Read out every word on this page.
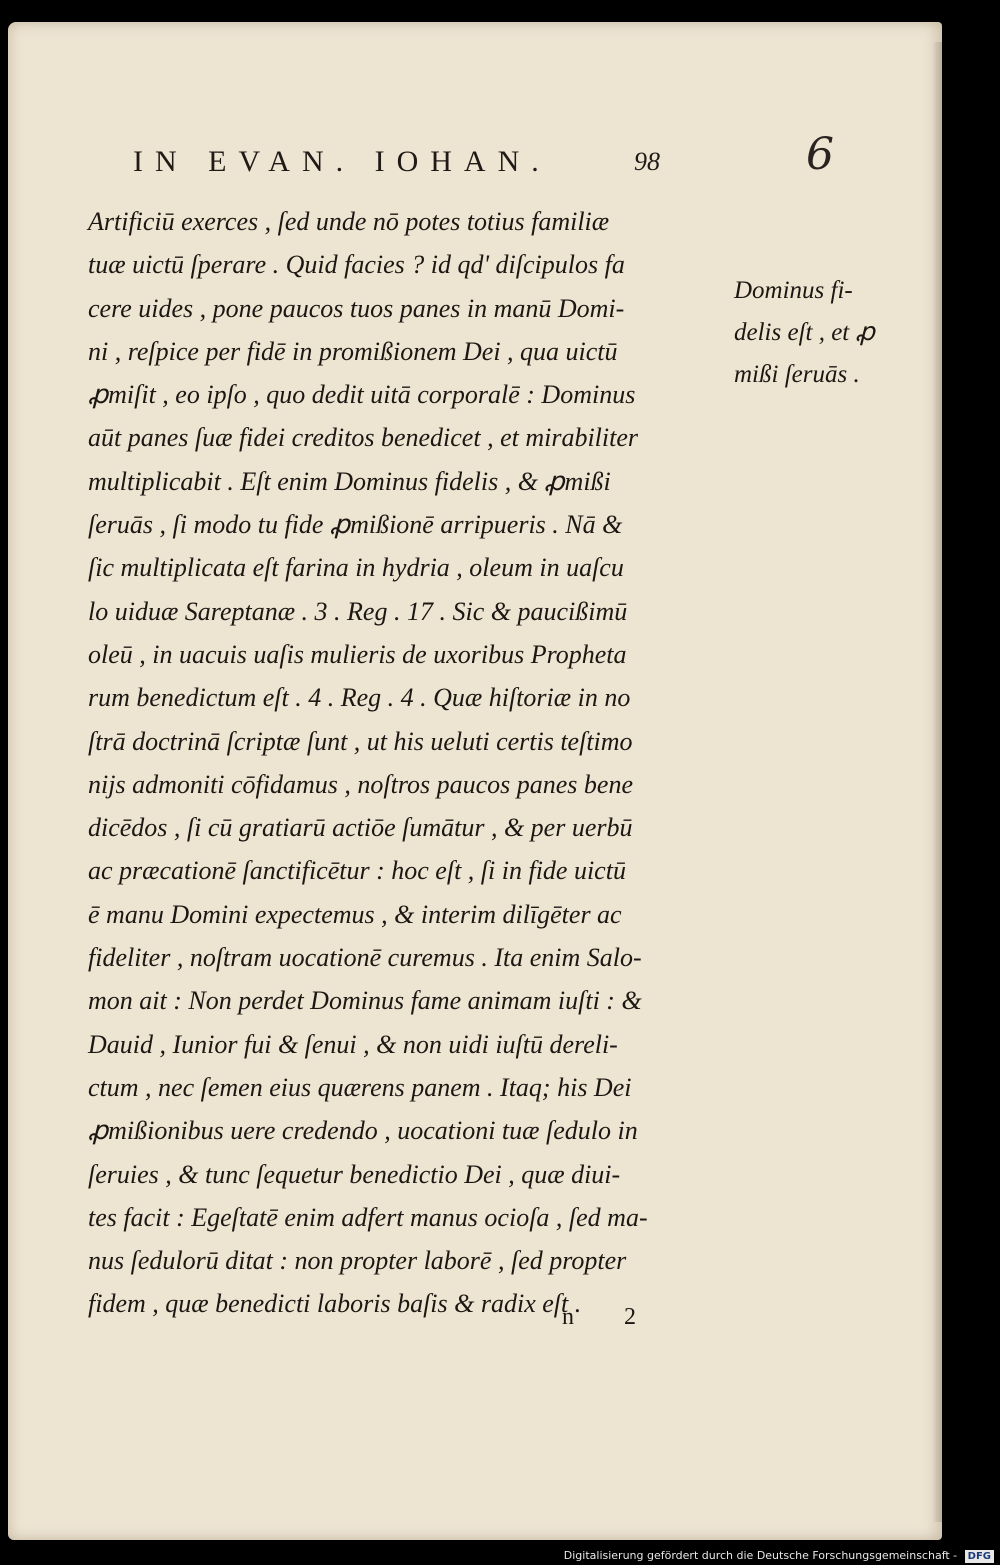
IN EVAN. IOHAN.	98	6
Artificiū exerces , ſed unde nō potes totius familiæ
tuæ uictū ſperare . Quid facies ? id qd' diſcipulos fa
cere uides , pone paucos tuos panes in manū Domi-
ni , reſpice per fidē in promißionem Dei , qua uictū
ꝓmiſit , eo ipſo , quo dedit uitā corporalē : Dominus
aūt panes ſuæ fidei creditos benedicet , et mirabiliter
multiplicabit . Eſt enim Dominus fidelis , & ꝓmißi
ſeruās , ſi modo tu fide ꝓmißionē arripueris . Nā &
ſic multiplicata eſt farina in hydria , oleum in uaſcu
lo uiduæ Sareptanæ . 3 . Reg . 17 . Sic & paucißimū
oleū , in uacuis uaſis mulieris de uxoribus Prophetа
rum benedictum eſt . 4 . Reg . 4 . Quæ hiſtoriæ in no
ſtrā doctrinā ſcriptæ ſunt , ut his ueluti certis teſtimo
nijs admoniti cōfidamus , noſtros paucos panes bene
dicēdos , ſi cū gratiarū actiōe ſumātur , & per uerbū
ac præcationē ſanctificētur : hoc eſt , ſi in fide uictū
ē manu Domini expectemus , & interim dilīgēter ac
fideliter , noſtram uocationē curemus . Ita enim Salo-
mon ait : Non perdet Dominus fame animam iuſti : &
Dauid , Iunior fui & ſenui , & non uidi iuſtū dereli-
ctum , nec ſemen eius quærens panem . Itaq; his Dei
ꝓmißionibus uere credendo , uocationi tuæ ſedulo in
ſeruies , & tunc ſequetur benedictio Dei , quæ diui-
tes facit : Egeſtatē enim adfert manus ocioſa , ſed ma-
nus ſedulorū ditat : non propter laborē , ſed propter
fidem , quæ benedicti laboris baſis & radix eſt .
Dominus fi-
delis eſt , et ꝓ
mißi ſeruās .
n 2
Digitalisierung gefördert durch die Deutsche Forschungsgemeinschaft - DFG
